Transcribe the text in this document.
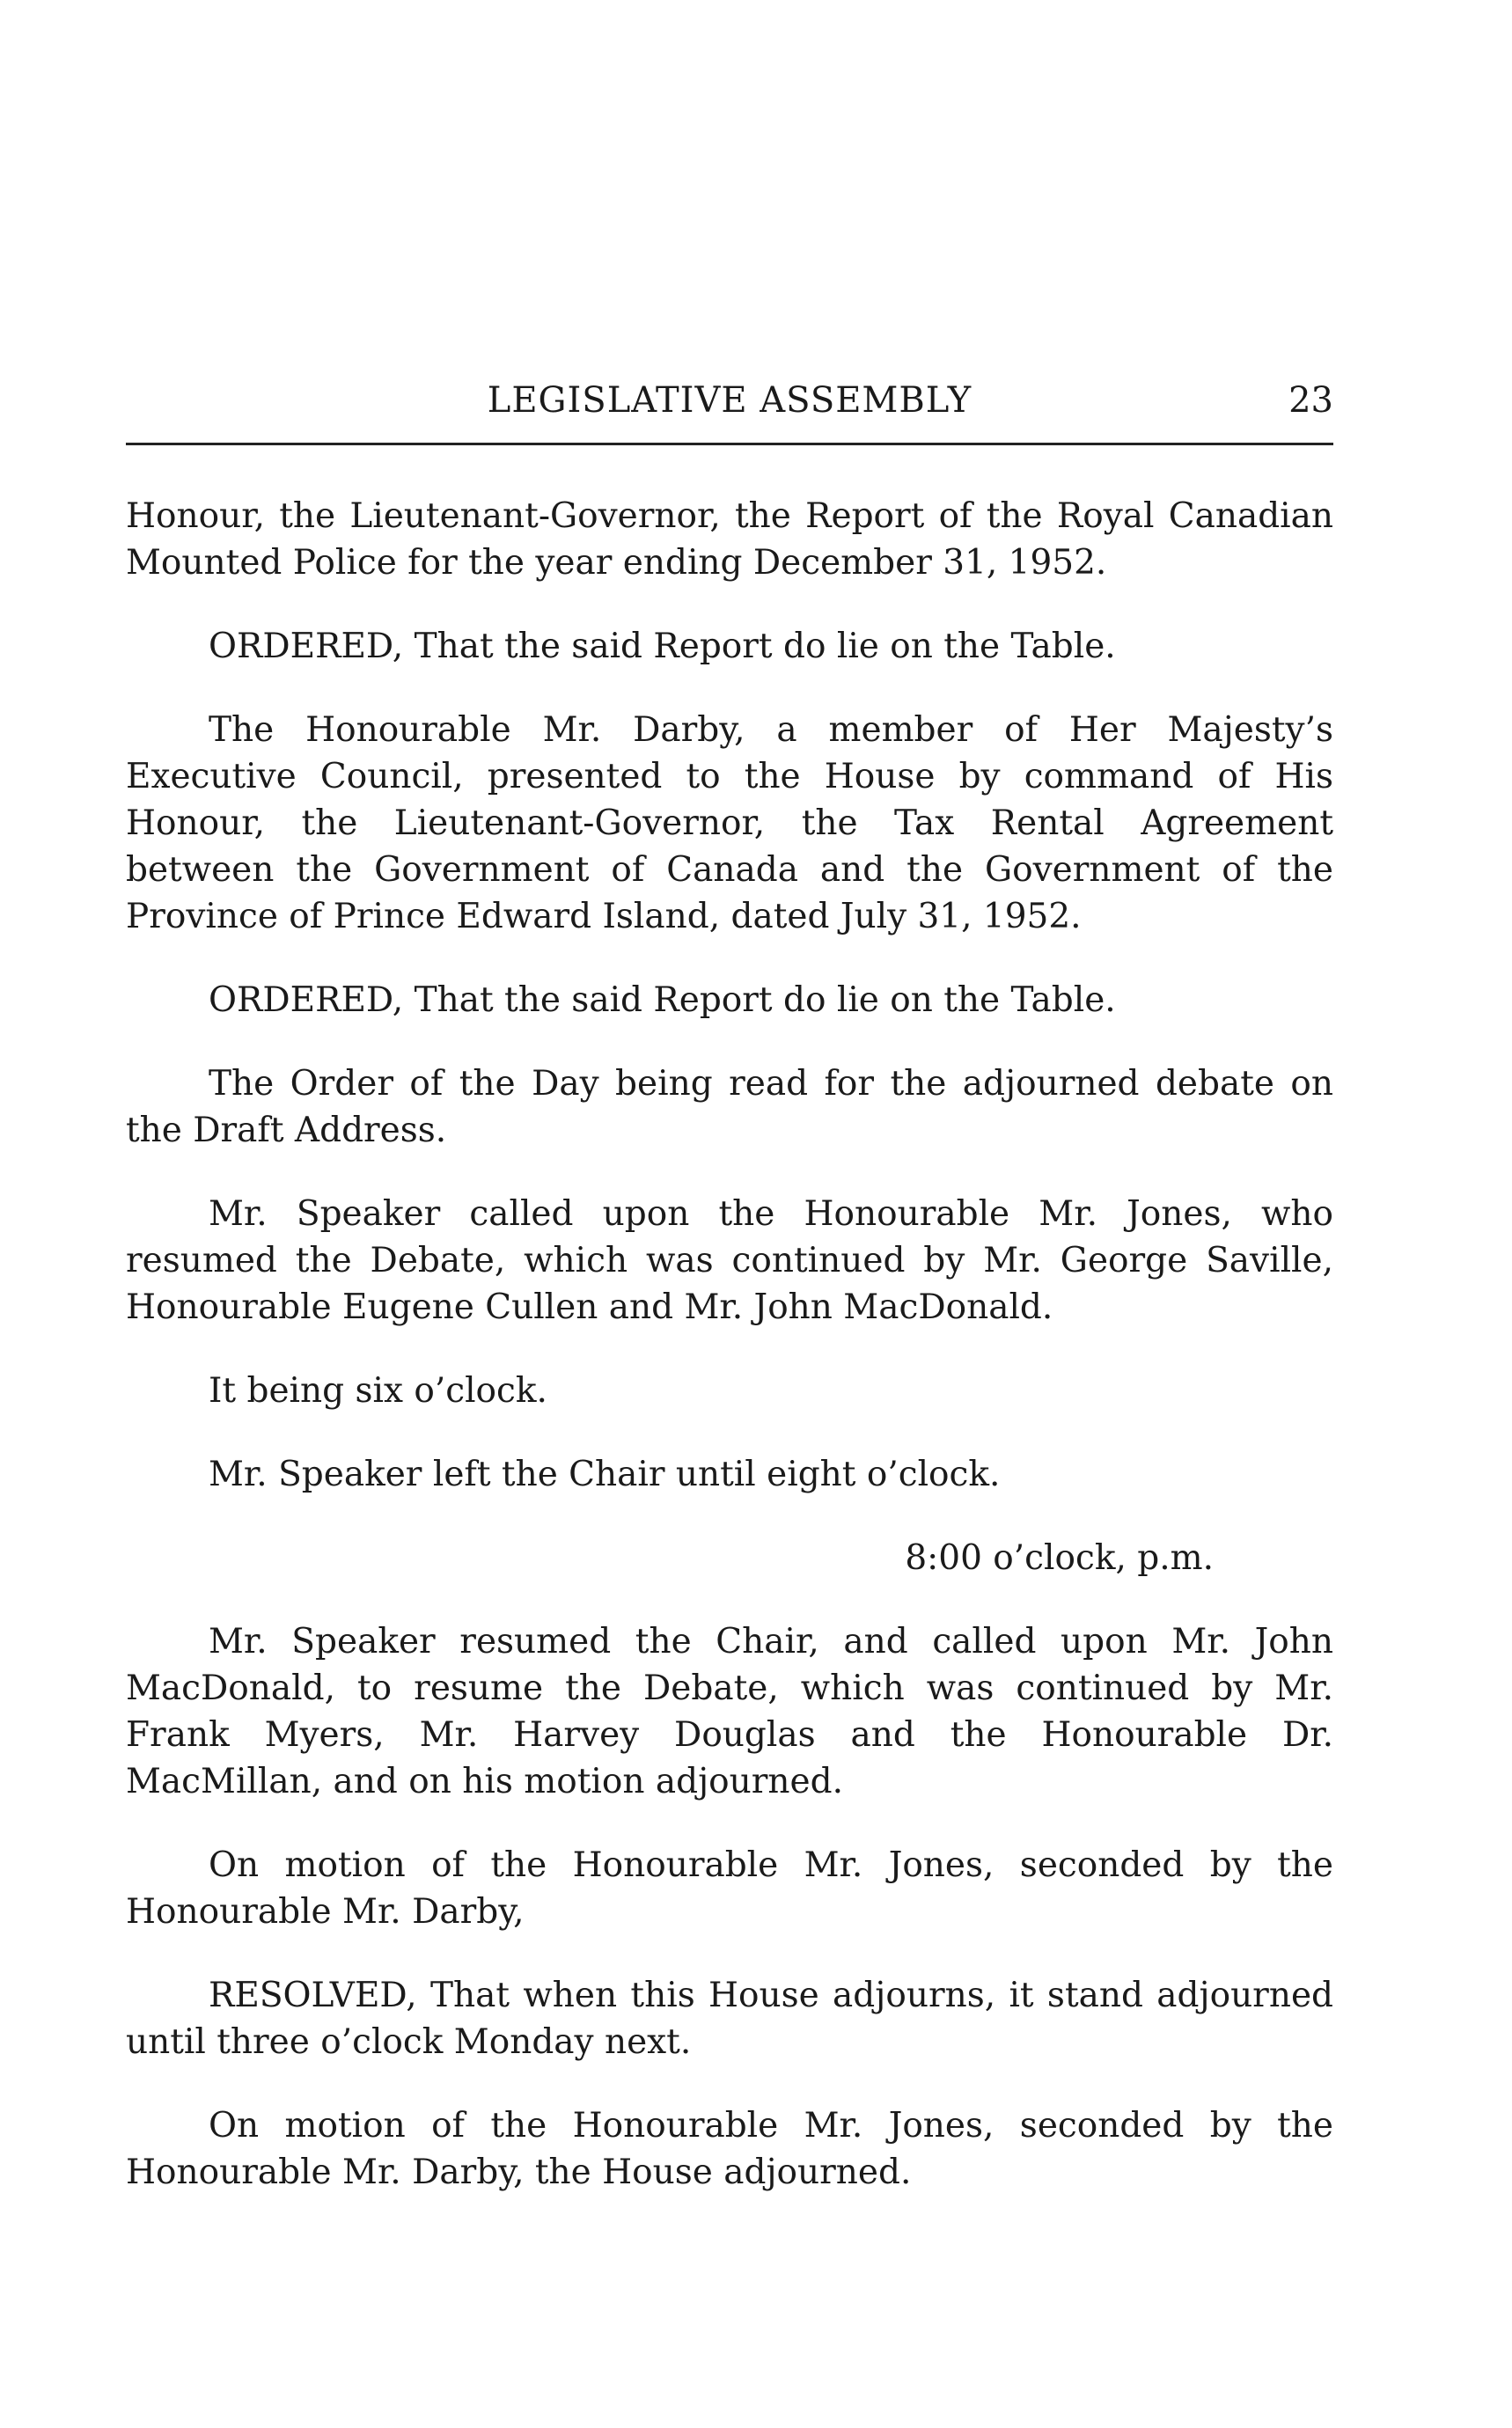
LEGISLATIVE ASSEMBLY	23

Honour, the Lieutenant-Governor, the Report of the Royal Canadian Mounted Police for the year ending December 31, 1952.

ORDERED, That the said Report do lie on the Table.

The Honourable Mr. Darby, a member of Her Majesty’s Executive Council, presented to the House by command of His Honour, the Lieutenant-Governor, the Tax Rental Agreement between the Government of Canada and the Government of the Province of Prince Edward Island, dated July 31, 1952.

ORDERED, That the said Report do lie on the Table.

The Order of the Day being read for the adjourned debate on the Draft Address.

Mr. Speaker called upon the Honourable Mr. Jones, who resumed the Debate, which was continued by Mr. George Saville, Honourable Eugene Cullen and Mr. John MacDonald.

It being six o’clock.

Mr. Speaker left the Chair until eight o’clock.

8:00 o’clock, p.m.

Mr. Speaker resumed the Chair, and called upon Mr. John MacDonald, to resume the Debate, which was continued by Mr. Frank Myers, Mr. Harvey Douglas and the Honourable Dr. MacMillan, and on his motion adjourned.

On motion of the Honourable Mr. Jones, seconded by the Honourable Mr. Darby,

RESOLVED, That when this House adjourns, it stand adjourned until three o’clock Monday next.

On motion of the Honourable Mr. Jones, seconded by the Honourable Mr. Darby, the House adjourned.
